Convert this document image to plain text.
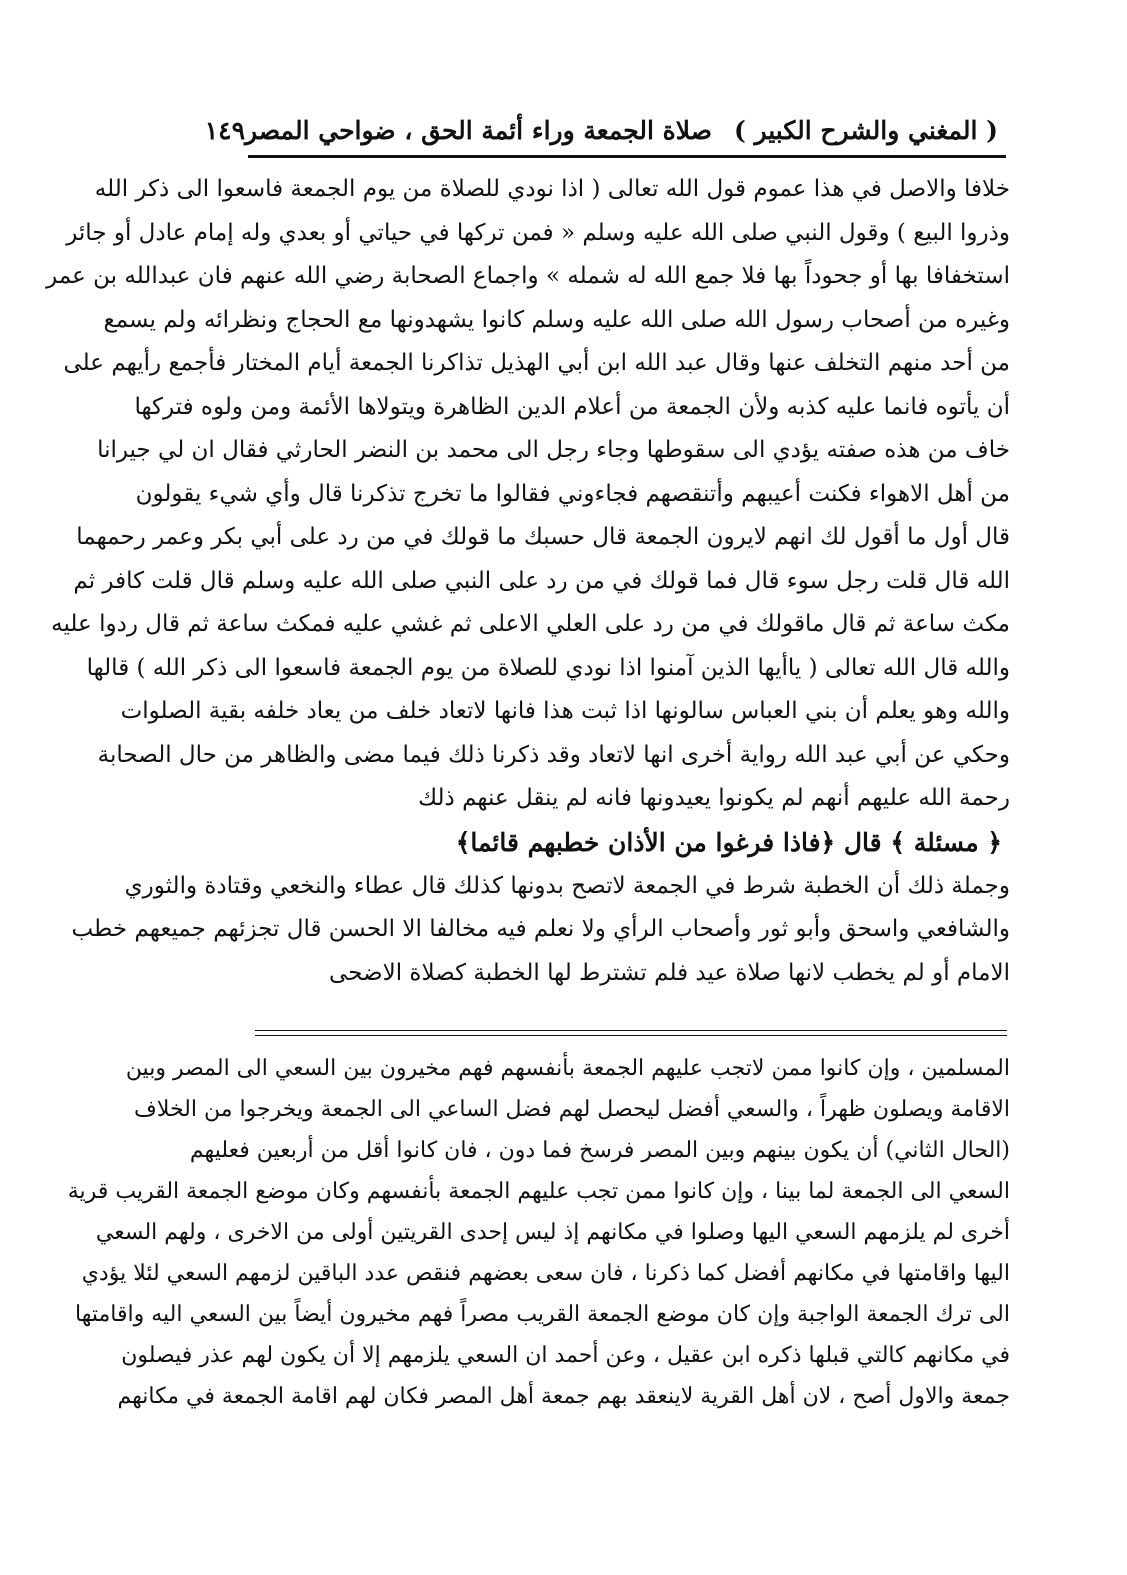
( المغني والشرح الكبير )
صلاة الجمعة وراء أئمة الحق ، ضواحي المصر
١٤٩
خلافا والاصل في هذا عموم قول الله تعالى ( اذا نودي للصلاة من يوم الجمعة فاسعوا الى ذكر الله
وذروا البيع ) وقول النبي صلى الله عليه وسلم « فمن تركها في حياتي أو بعدي وله إمام عادل أو جائر
استخفافا بها أو جحوداً بها فلا جمع الله له شمله » واجماع الصحابة رضي الله عنهم فان عبدالله بن عمر
وغيره من أصحاب رسول الله صلى الله عليه وسلم كانوا يشهدونها مع الحجاج ونظرائه ولم يسمع
من أحد منهم التخلف عنها وقال عبد الله ابن أبي الهذيل تذاكرنا الجمعة أيام المختار فأجمع رأيهم على
أن يأتوه فانما عليه كذبه ولأن الجمعة من أعلام الدين الظاهرة ويتولاها الأئمة ومن ولوه فتركها
خاف من هذه صفته يؤدي الى سقوطها وجاء رجل الى محمد بن النضر الحارثي فقال ان لي جيرانا
من أهل الاهواء فكنت أعيبهم وأتنقصهم فجاءوني فقالوا ما تخرج تذكرنا قال وأي شيء يقولون
قال أول ما أقول لك انهم لايرون الجمعة قال حسبك ما قولك في من رد على أبي بكر وعمر رحمهما
الله قال قلت رجل سوء قال فما قولك في من رد على النبي صلى الله عليه وسلم قال قلت كافر ثم
مكث ساعة ثم قال ماقولك في من رد على العلي الاعلى ثم غشي عليه فمكث ساعة ثم قال ردوا عليه
والله قال الله تعالى ( ياأيها الذين آمنوا اذا نودي للصلاة من يوم الجمعة فاسعوا الى ذكر الله ) قالها
والله وهو يعلم أن بني العباس سالونها اذا ثبت هذا فانها لاتعاد خلف من يعاد خلفه بقية الصلوات
وحكي عن أبي عبد الله رواية أخرى انها لاتعاد وقد ذكرنا ذلك فيما مضى والظاهر من حال الصحابة
رحمة الله عليهم أنهم لم يكونوا يعيدونها فانه لم ينقل عنهم ذلك
﴿ مسئلة ﴾ قال ﴿فاذا فرغوا من الأذان خطبهم قائما﴾
وجملة ذلك أن الخطبة شرط في الجمعة لاتصح بدونها كذلك قال عطاء والنخعي وقتادة والثوري
والشافعي واسحق وأبو ثور وأصحاب الرأي ولا نعلم فيه مخالفا الا الحسن قال تجزئهم جميعهم خطب
الامام أو لم يخطب لانها صلاة عيد فلم تشترط لها الخطبة كصلاة الاضحى
المسلمين ، وإن كانوا ممن لاتجب عليهم الجمعة بأنفسهم فهم مخيرون بين السعي الى المصر وبين
الاقامة ويصلون ظهراً ، والسعي أفضل ليحصل لهم فضل الساعي الى الجمعة ويخرجوا من الخلاف
(الحال الثاني) أن يكون بينهم وبين المصر فرسخ فما دون ، فان كانوا أقل من أربعين فعليهم
السعي الى الجمعة لما بينا ، وإن كانوا ممن تجب عليهم الجمعة بأنفسهم وكان موضع الجمعة القريب قرية
أخرى لم يلزمهم السعي اليها وصلوا في مكانهم إذ ليس إحدى القريتين أولى من الاخرى ، ولهم السعي
اليها واقامتها في مكانهم أفضل كما ذكرنا ، فان سعى بعضهم فنقص عدد الباقين لزمهم السعي لئلا يؤدي
الى ترك الجمعة الواجبة وإن كان موضع الجمعة القريب مصراً فهم مخيرون أيضاً بين السعي اليه واقامتها
في مكانهم كالتي قبلها ذكره ابن عقيل ، وعن أحمد ان السعي يلزمهم إلا أن يكون لهم عذر فيصلون
جمعة والاول أصح ، لان أهل القرية لاينعقد بهم جمعة أهل المصر فكان لهم اقامة الجمعة في مكانهم
